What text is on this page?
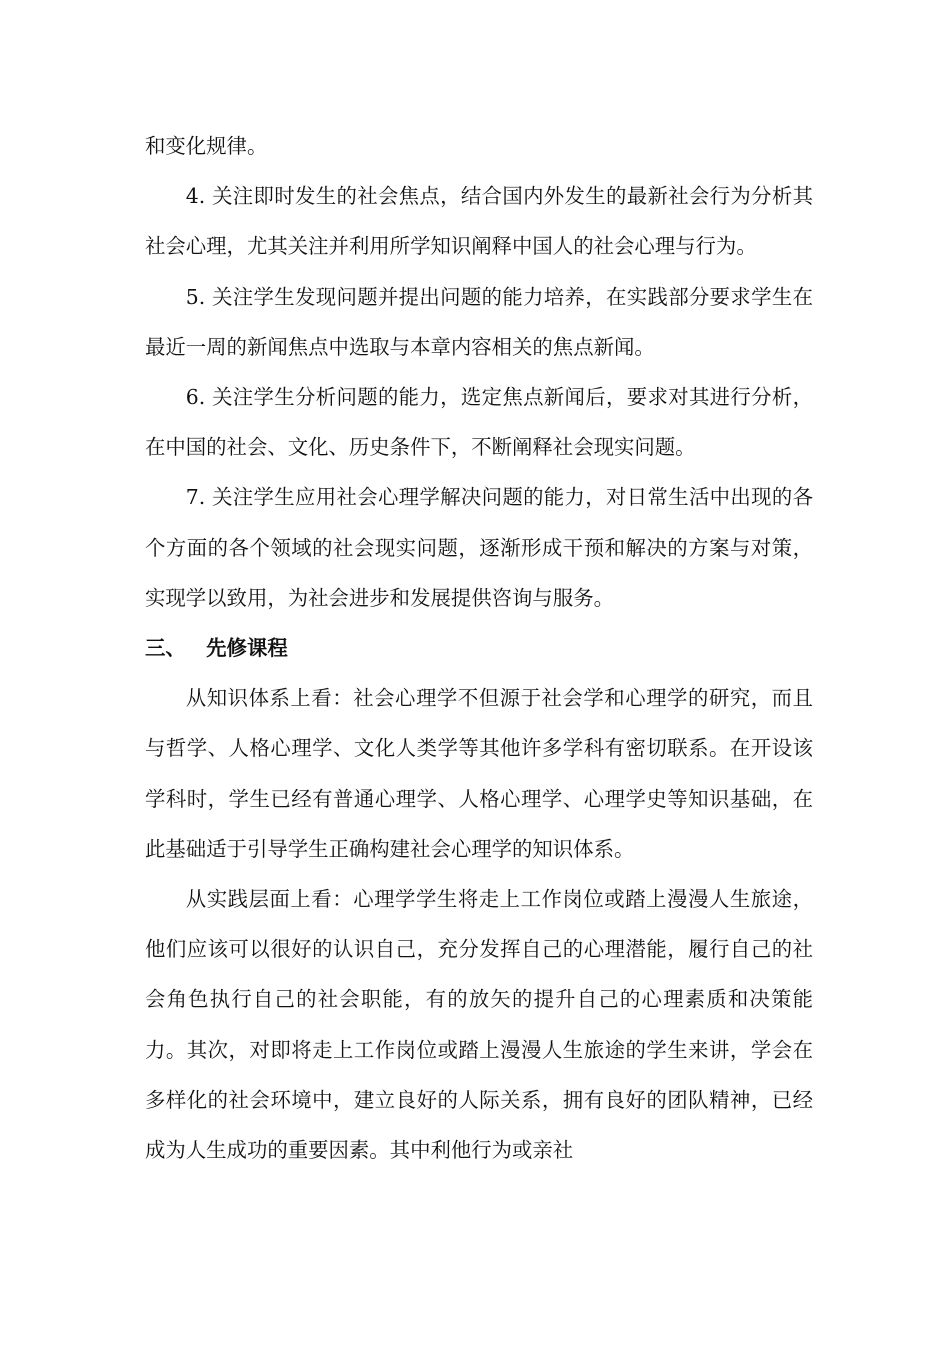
和变化规律。

4. 关注即时发生的社会焦点，结合国内外发生的最新社会行为分析其社会心理，尤其关注并利用所学知识阐释中国人的社会心理与行为。

5. 关注学生发现问题并提出问题的能力培养，在实践部分要求学生在最近一周的新闻焦点中选取与本章内容相关的焦点新闻。

6. 关注学生分析问题的能力，选定焦点新闻后，要求对其进行分析，在中国的社会、文化、历史条件下，不断阐释社会现实问题。

7. 关注学生应用社会心理学解决问题的能力，对日常生活中出现的各个方面的各个领域的社会现实问题，逐渐形成干预和解决的方案与对策，实现学以致用，为社会进步和发展提供咨询与服务。

三、 先修课程

从知识体系上看：社会心理学不但源于社会学和心理学的研究，而且与哲学、人格心理学、文化人类学等其他许多学科有密切联系。在开设该学科时，学生已经有普通心理学、人格心理学、心理学史等知识基础，在此基础适于引导学生正确构建社会心理学的知识体系。

从实践层面上看：心理学学生将走上工作岗位或踏上漫漫人生旅途，他们应该可以很好的认识自己，充分发挥自己的心理潜能，履行自己的社会角色执行自己的社会职能，有的放矢的提升自己的心理素质和决策能力。其次，对即将走上工作岗位或踏上漫漫人生旅途的学生来讲，学会在多样化的社会环境中，建立良好的人际关系，拥有良好的团队精神，已经成为人生成功的重要因素。其中利他行为或亲社
